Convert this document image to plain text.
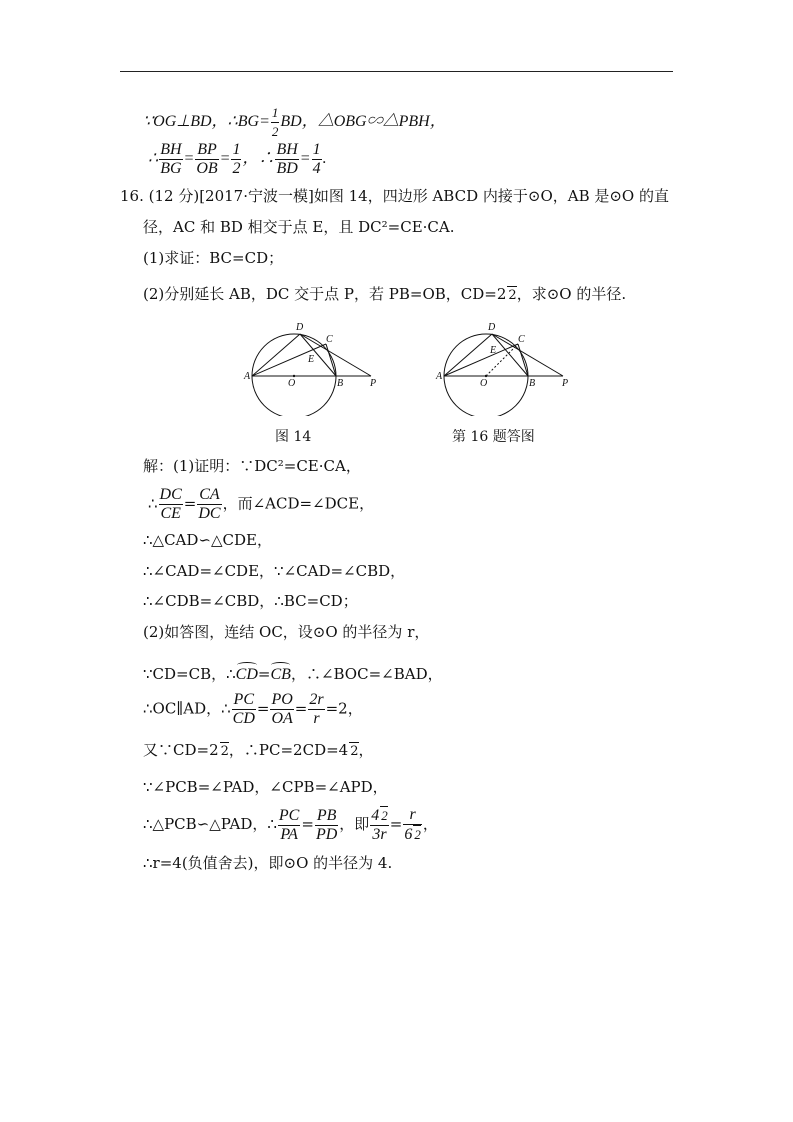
∵OG⊥BD，∴BG= $\frac{1}{2}$ BD，△OBG∽△PBH，
∴ $\frac{BH}{BG} = \frac{BP}{OB} = \frac{1}{2}$ ，∴ $\frac{BH}{BD} = \frac{1}{4}$ .
16. (12 分)[2017·宁波一模]如图 14，四边形 ABCD 内接于⊙O，AB 是⊙O 的直
径，AC 和 BD 相交于点 E，且 DC²=CE·CA.
(1)求证：BC=CD；
(2)分别延长 AB，DC 交于点 P，若 PB=OB，CD=2 2，求⊙O 的半径.
A
O	B	P
D
C
E
图 14
A
O	B	P
D
C
E
第 16 题答图
解：(1)证明：∵DC²=CE·CA，
∴ $\frac{DC}{CE} = \frac{CA}{DC}$ ，而∠ACD=∠DCE，
∴△CAD∽△CDE，
∴∠CAD=∠CDE，∵∠CAD=∠CBD，
∴∠CDB=∠CBD，∴BC=CD；
(2)如答图，连结 OC，设⊙O 的半径为 r，
∵CD=CB，∴CD=CB，∴∠BOC=∠BAD，
∴OC∥AD，∴ $\frac{PC}{CD} = \frac{PO}{OA} = \frac{2r}{r} =2$，
又∵CD=2 2，∴PC=2CD=4 2，
∵∠PCB=∠PAD，∠CPB=∠APD，
∴△PCB∽△PAD，∴ $\frac{PC}{PA} = \frac{PB}{PD}$ ，即 $\frac{4 2}{3r} = \frac{r}{6 2}$ ，
∴r=4(负值舍去)，即⊙O 的半径为 4.
